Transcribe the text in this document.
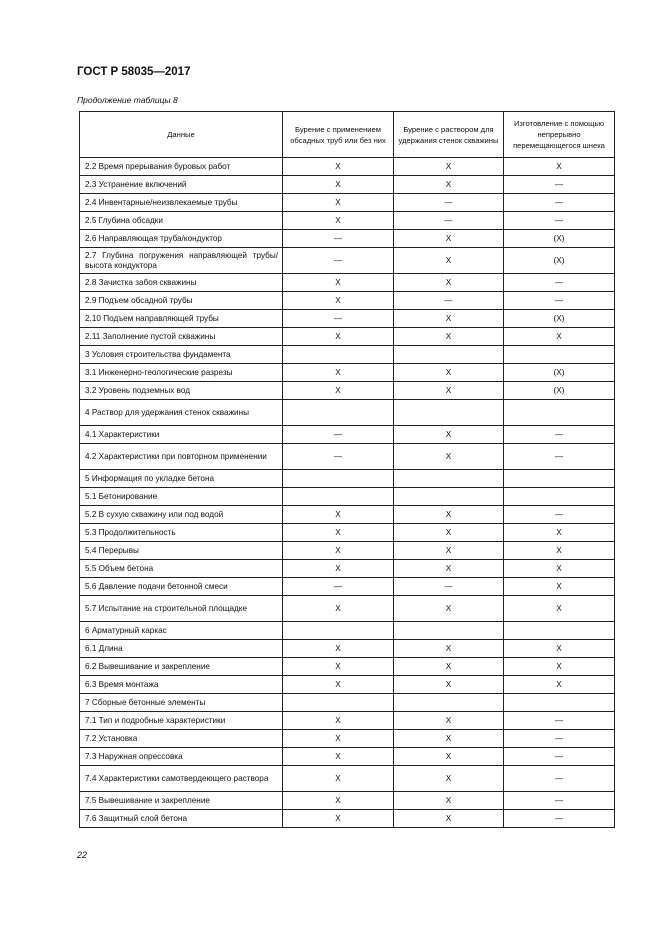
ГОСТ Р 58035—2017
Продолжение таблицы 8
Данные	Бурение с применением обсадных труб или без них	Бурение с раствором для удержания стенок скважины	Изготовление с помощью непрерывно перемещающегося шнека
2.2 Время прерывания буровых работ	X	X	X
2.3 Устранение включений	X	X	—
2.4 Инвентарные/неизвлекаемые трубы	X	—	—
2.5 Глубина обсадки	X	—	—
2.6 Направляющая труба/кондуктор	—	X	(X)
2.7 Глубина погружения направляющей трубы/высота кондуктора	—	X	(X)
2.8 Зачистка забоя скважины	X	X	—
2.9 Подъем обсадной трубы	X	—	—
2.10 Подъем направляющей трубы	—	X	(X)
2.11 Заполнение пустой скважины	X	X	X
3 Условия строительства фундамента			
3.1 Инженерно-геологические разрезы	X	X	(X)
3.2 Уровень подземных вод	X	X	(X)
4 Раствор для удержания стенок скважины			
4.1 Характеристики	—	X	—
4.2 Характеристики при повторном применении	—	X	—
5 Информация по укладке бетона			
5.1 Бетонирование			
5.2 В сухую скважину или под водой	X	X	—
5.3 Продолжительность	X	X	X
5.4 Перерывы	X	X	X
5.5 Объем бетона	X	X	X
5.6 Давление подачи бетонной смеси	—	—	X
5.7 Испытание на строительной площадке	X	X	X
6 Арматурный каркас			
6.1 Длина	X	X	X
6.2 Вывешивание и закрепление	X	X	X
6.3 Время монтажа	X	X	X
7 Сборные бетонные элементы			
7.1 Тип и подробные характеристики	X	X	—
7.2 Установка	X	X	—
7.3 Наружная опрессовка	X	X	—
7.4 Характеристики самотвердеющего раствора	X	X	—
7.5 Вывешивание и закрепление	X	X	—
7.6 Защитный слой бетона	X	X	—
22
